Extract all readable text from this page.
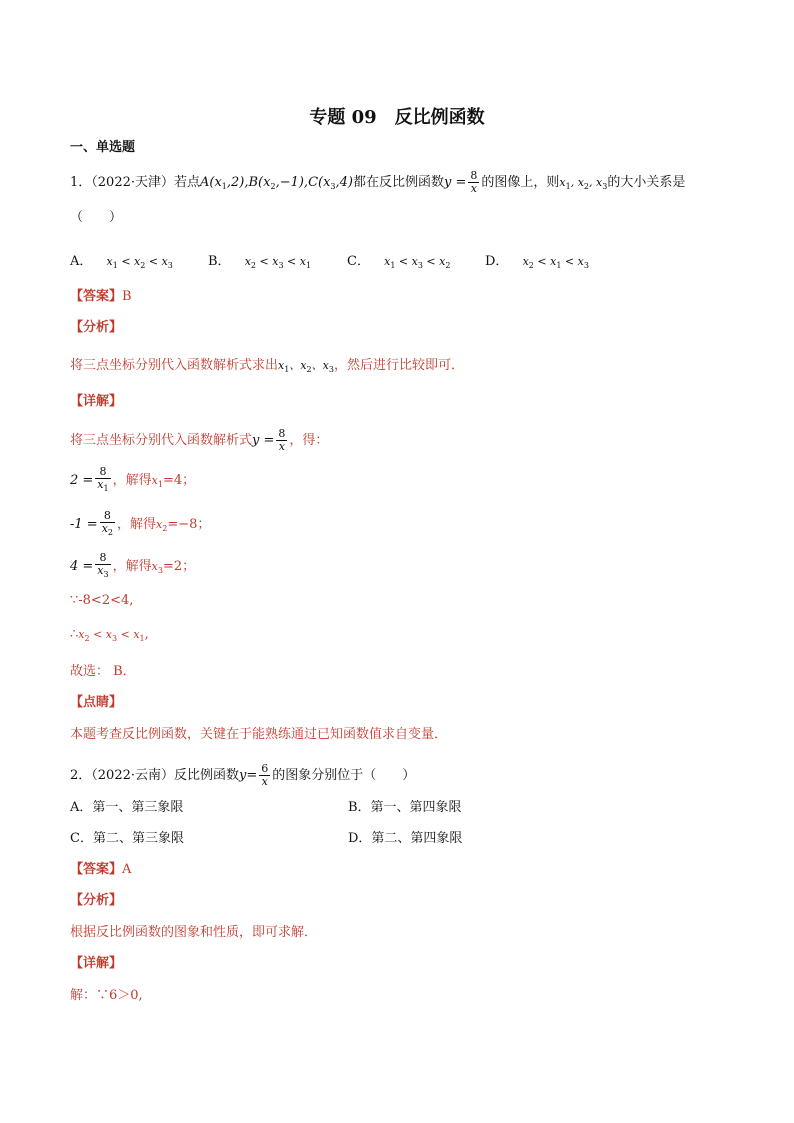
专题 09　反比例函数
一、单选题
1．（2022·天津）若点$A(x_1,2),B(x_2,-1),C(x_3,4)$都在反比例函数$y = \frac{8}{x}$ 的图像上，则$x_1$, $x_2$, $x_3$的大小关系是
（　　）
A． $x_1 < x_2 < x_3$	B． $x_2 < x_3 < x_1$	C． $x_1 < x_3 < x_2$	D． $x_2 < x_1 < x_3$
【答案】B
【分析】
将三点坐标分别代入函数解析式求出$x_1$、$x_2$、$x_3$，然后进行比较即可．
【详解】
将三点坐标分别代入函数解析式$y = \frac{8}{x}$ ，得：
$2 = \frac{8}{x_1}$ ，解得$x_1=4$；
$-1 = \frac{8}{x_2}$ ，解得$x_2=-8$；
$4 = \frac{8}{x_3}$ ，解得$x_3=2$；
∵-8<2<4,
$\therefore x_2 < x_3 < x_1$,
故选： B．
【点睛】
本题考查反比例函数，关键在于能熟练通过已知函数值求自变量．
2．（2022·云南）反比例函数$y= \frac{6}{x}$ 的图象分别位于（　　）
A．第一、第三象限	B．第一、第四象限
C．第二、第三象限	D．第二、第四象限
【答案】A
【分析】
根据反比例函数的图象和性质，即可求解．
【详解】
解：∵6＞0,
